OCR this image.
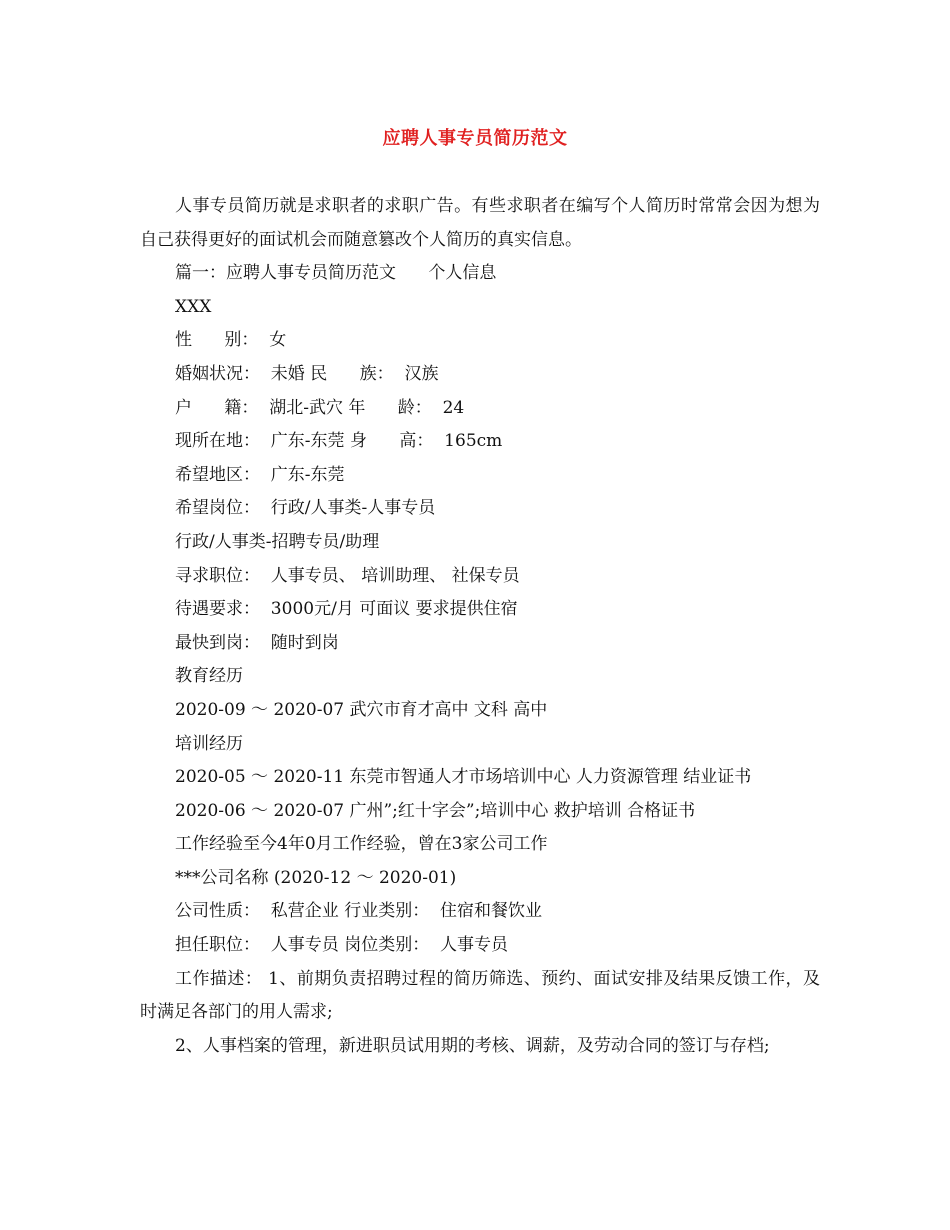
应聘人事专员简历范文

人事专员简历就是求职者的求职广告。有些求职者在编写个人简历时常常会因为想为自己获得更好的面试机会而随意篡改个人简历的真实信息。

篇一：应聘人事专员简历范文      个人信息

XXX

性      别：  女

婚姻状况：  未婚 民      族：  汉族

户      籍：  湖北-武穴 年      龄：  24

现所在地：  广东-东莞 身      高：  165cm

希望地区：  广东-东莞

希望岗位：  行政/人事类-人事专员

行政/人事类-招聘专员/助理

寻求职位：  人事专员、 培训助理、 社保专员

待遇要求：  3000元/月 可面议 要求提供住宿

最快到岗：  随时到岗

教育经历

2020-09 ～ 2020-07 武穴市育才高中 文科 高中

培训经历

2020-05 ～ 2020-11 东莞市智通人才市场培训中心 人力资源管理 结业证书

2020-06 ～ 2020-07 广州”;红十字会”;培训中心 救护培训 合格证书

工作经验至今4年0月工作经验，曾在3家公司工作

***公司名称 (2020-12 ～ 2020-01)

公司性质：  私营企业 行业类别：  住宿和餐饮业

担任职位：  人事专员 岗位类别：  人事专员

工作描述： 1、前期负责招聘过程的简历筛选、预约、面试安排及结果反馈工作，及时满足各部门的用人需求;

2、人事档案的管理，新进职员试用期的考核、调薪，及劳动合同的签订与存档;
